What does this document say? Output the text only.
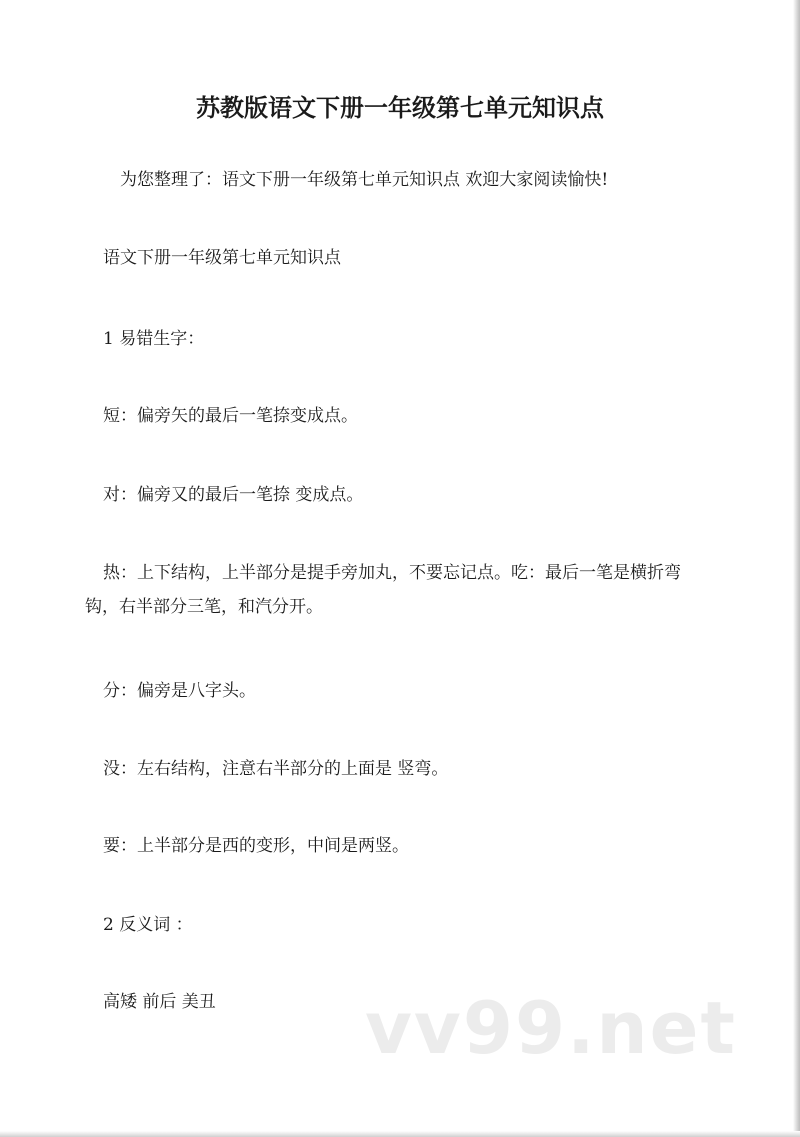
苏教版语文下册一年级第七单元知识点

为您整理了：语文下册一年级第七单元知识点 欢迎大家阅读愉快!

语文下册一年级第七单元知识点

1 易错生字：

短：偏旁矢的最后一笔捺变成点。

对：偏旁又的最后一笔捺 变成点。

热：上下结构，上半部分是提手旁加丸，不要忘记点。吃：最后一笔是横折弯钩，右半部分三笔，和汽分开。

分：偏旁是八字头。

没：左右结构，注意右半部分的上面是 竖弯。

要：上半部分是西的变形，中间是两竖。

2 反义词 ：

高矮 前后 美丑 vv99.net
